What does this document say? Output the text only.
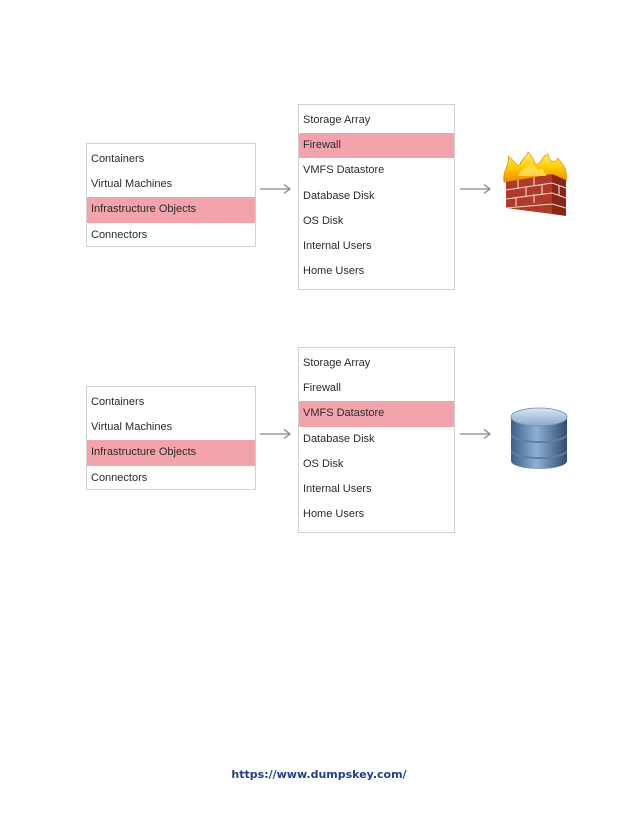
Containers
Virtual Machines
Infrastructure Objects
Connectors
Storage Array
Firewall
VMFS Datastore
Database Disk
OS Disk
Internal Users
Home Users
Containers
Virtual Machines
Infrastructure Objects
Connectors
Storage Array
Firewall
VMFS Datastore
Database Disk
OS Disk
Internal Users
Home Users
https://www.dumpskey.com/
